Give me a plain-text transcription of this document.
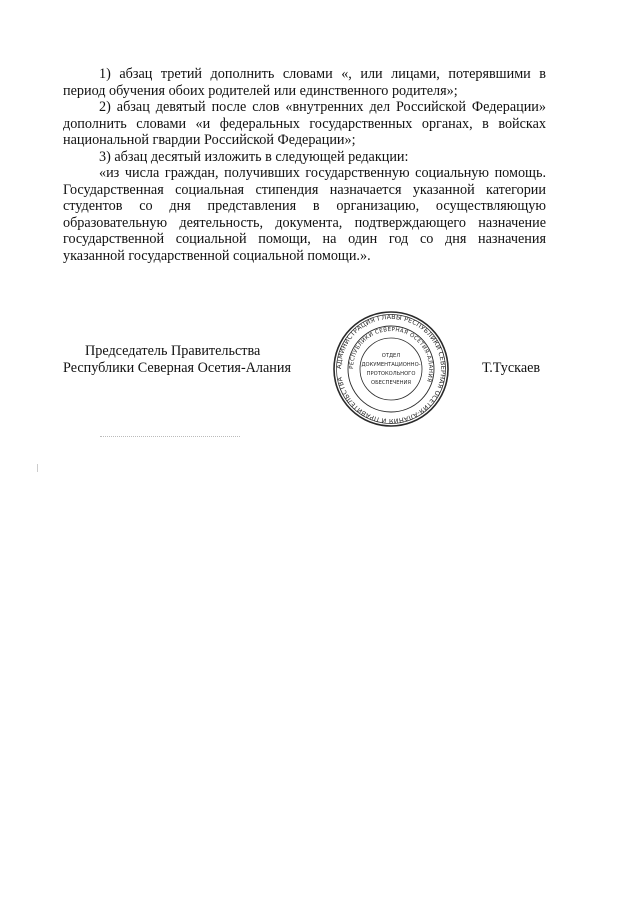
1) абзац третий дополнить словами «, или лицами, потерявшими в период обучения обоих родителей или единственного родителя»;

2) абзац девятый после слов «внутренних дел Российской Федерации» дополнить словами «и федеральных государственных органах, в войсках национальной гвардии Российской Федерации»;

3) абзац десятый изложить в следующей редакции:

«из числа граждан, получивших государственную социальную помощь. Государственная социальная стипендия назначается указанной категории студентов со дня представления в организацию, осуществляющую образовательную деятельность, документа, подтверждающего назначение государственной социальной помощи, на один год со дня назначения указанной государственной социальной помощи.».

Председатель Правительства
Республики Северная Осетия-Алания	АДМИНИСТРАЦИЯ ГЛАВЫ РЕСПУБЛИКИ СЕВЕРНАЯ ОСЕТИЯ-АЛАНИЯ И ПРАВИТЕЛЬСТВА
РЕСПУБЛИКИ СЕВЕРНАЯ ОСЕТИЯ-АЛАНИЯ
ОТДЕЛ
ДОКУМЕНТАЦИОННО-
ПРОТОКОЛЬНОГО
ОБЕСПЕЧЕНИЯ
Т.Тускаев
